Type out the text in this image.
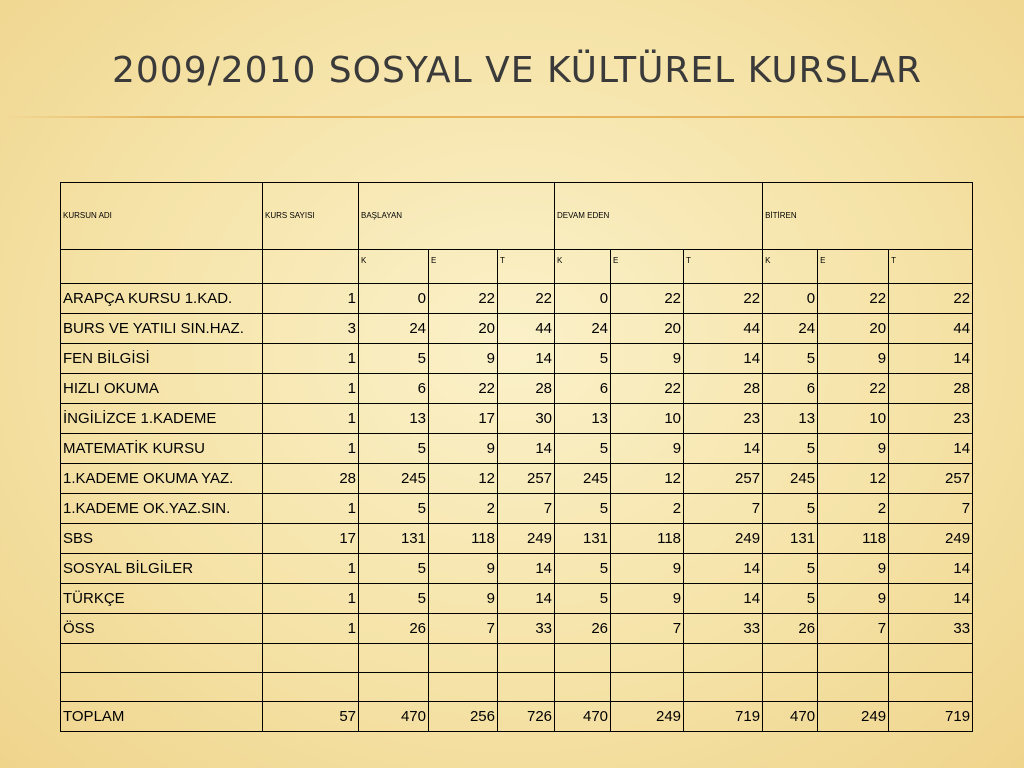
2009/2010 SOSYAL VE KÜLTÜREL KURSLAR
KURSUN ADI	KURS SAYISI	BAŞLAYAN			DEVAM EDEN			BİTİREN		
		K	E	T	K	E	T	K	E	T
ARAPÇA KURSU 1.KAD.	1	0	22	22	0	22	22	0	22	22
BURS VE YATILI SIN.HAZ.	3	24	20	44	24	20	44	24	20	44
FEN BİLGİSİ	1	5	9	14	5	9	14	5	9	14
HIZLI OKUMA	1	6	22	28	6	22	28	6	22	28
İNGİLİZCE 1.KADEME	1	13	17	30	13	10	23	13	10	23
MATEMATİK KURSU	1	5	9	14	5	9	14	5	9	14
1.KADEME OKUMA YAZ.	28	245	12	257	245	12	257	245	12	257
1.KADEME OK.YAZ.SIN.	1	5	2	7	5	2	7	5	2	7
SBS	17	131	118	249	131	118	249	131	118	249
SOSYAL BİLGİLER	1	5	9	14	5	9	14	5	9	14
TÜRKÇE	1	5	9	14	5	9	14	5	9	14
ÖSS	1	26	7	33	26	7	33	26	7	33

TOPLAM	57	470	256	726	470	249	719	470	249	719
